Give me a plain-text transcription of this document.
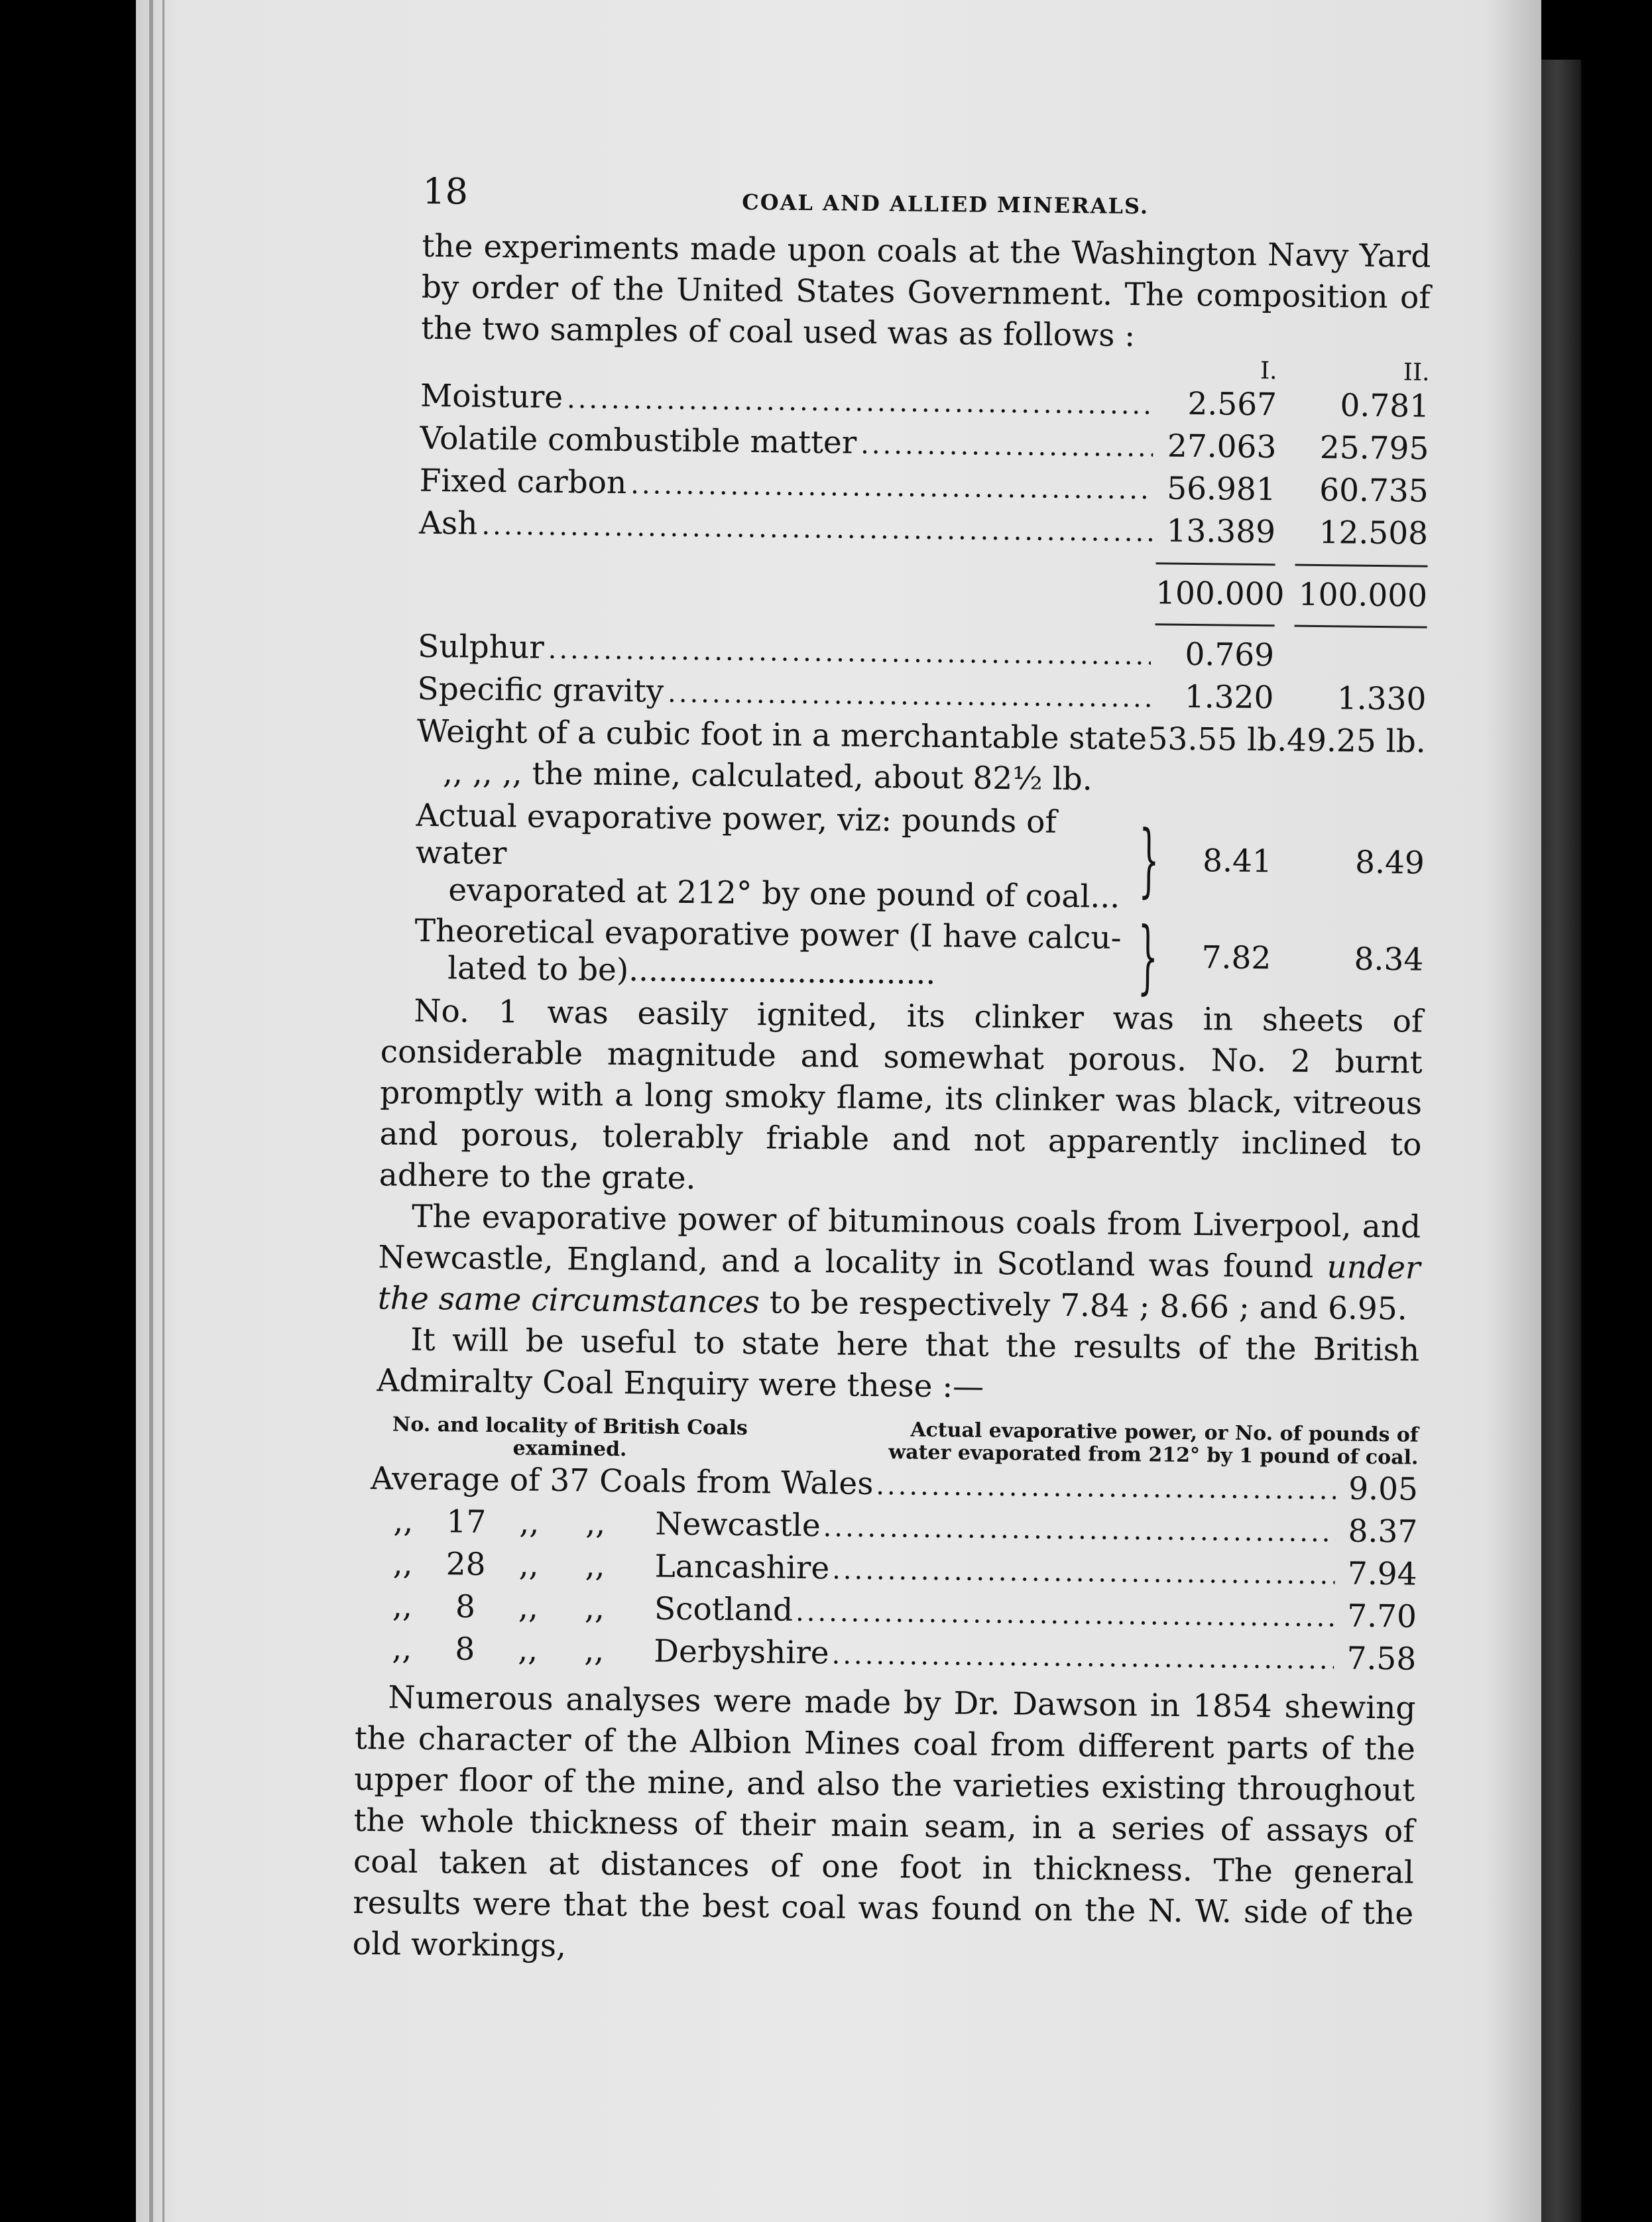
18	COAL AND ALLIED MINERALS.

the experiments made upon coals at the Washington Navy Yard by order of the United States Government. The composition of the two samples of coal used was as follows :

I.	II.
Moisture .....	2.567	0.781
Volatile combustible matter .....	27.063	25.795
Fixed carbon .....	56.981	60.735
Ash .....	13.389	12.508
100.000 100.000
Sulphur .....	0.769
Specific gravity .....	1.320	1.330
Weight of a cubic foot in a merchantable state 53.55 lb. 49.25 lb.
,, ,, ,, the mine, calculated, about 82½ lb.
Actual evaporative power, viz: pounds of water
evaporated at 212° by one pound of coal... }	8.41	8.49
Theoretical evaporative power (I have calcu-
lated to be)...............................	}	7.82	8.34

No. 1 was easily ignited, its clinker was in sheets of considerable magnitude and somewhat porous. No. 2 burnt promptly with a long smoky flame, its clinker was black, vitreous and porous, tolerably friable and not apparently inclined to adhere to the grate.

The evaporative power of bituminous coals from Liverpool, and Newcastle, England, and a locality in Scotland was found under the same circumstances to be respectively 7.84 ; 8.66 ; and 6.95.

It will be useful to state here that the results of the British Admiralty Coal Enquiry were these :—

No. and locality of British Coals examined.
Actual evaporative power, or No. of pounds of water evaporated from 212° by 1 pound of coal.
Average of 37 Coals from Wales .....	9.05
,,	17	,,	,,	Newcastle .....	8.37
,,	28	,,	,,	Lancashire .....	7.94
,,	8	,,	,,	Scotland .....	7.70
,,	8	,,	,,	Derbyshire .....	7.58

Numerous analyses were made by Dr. Dawson in 1854 shewing the character of the Albion Mines coal from different parts of the upper floor of the mine, and also the varieties existing throughout the whole thickness of their main seam, in a series of assays of coal taken at distances of one foot in thickness. The general results were that the best coal was found on the N. W. side of the old workings,
